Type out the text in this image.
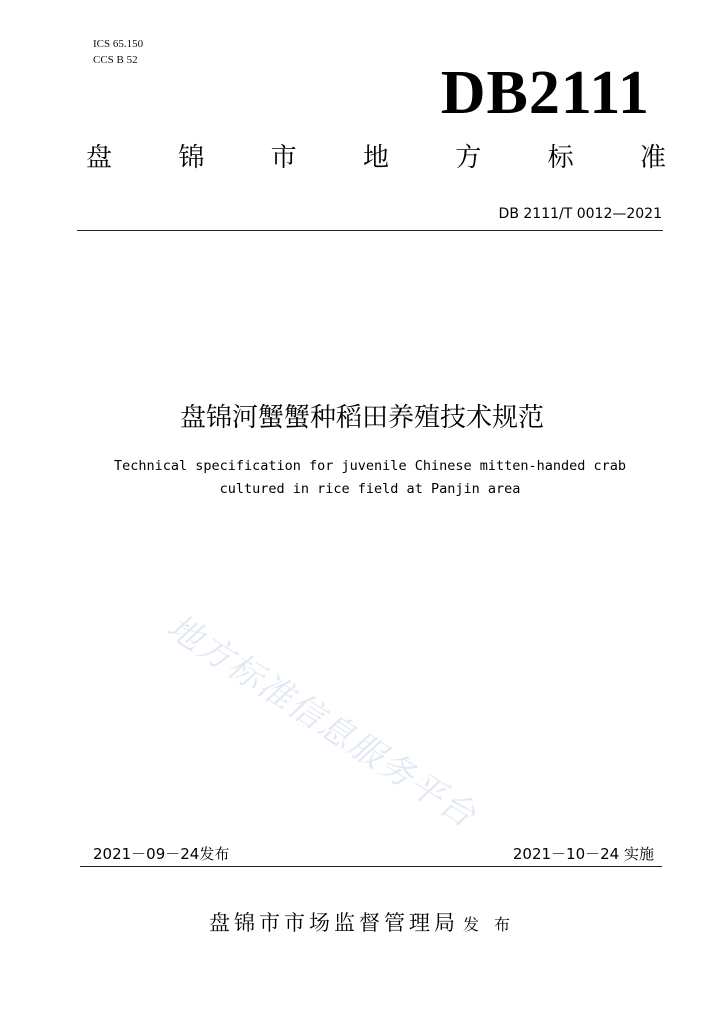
ICS 65.150
CCS B 52	DB2111
盘	锦	市	地	方	标	准
DB 2111/T 0012—2021
盘锦河蟹蟹种稻田养殖技术规范
Technical specification for juvenile Chinese mitten-handed crab
cultured in rice field at Panjin area
地方标准信息服务平台
2021－09－24发布	2021－10－24 实施
盘锦市市场监督管理局 发 布
